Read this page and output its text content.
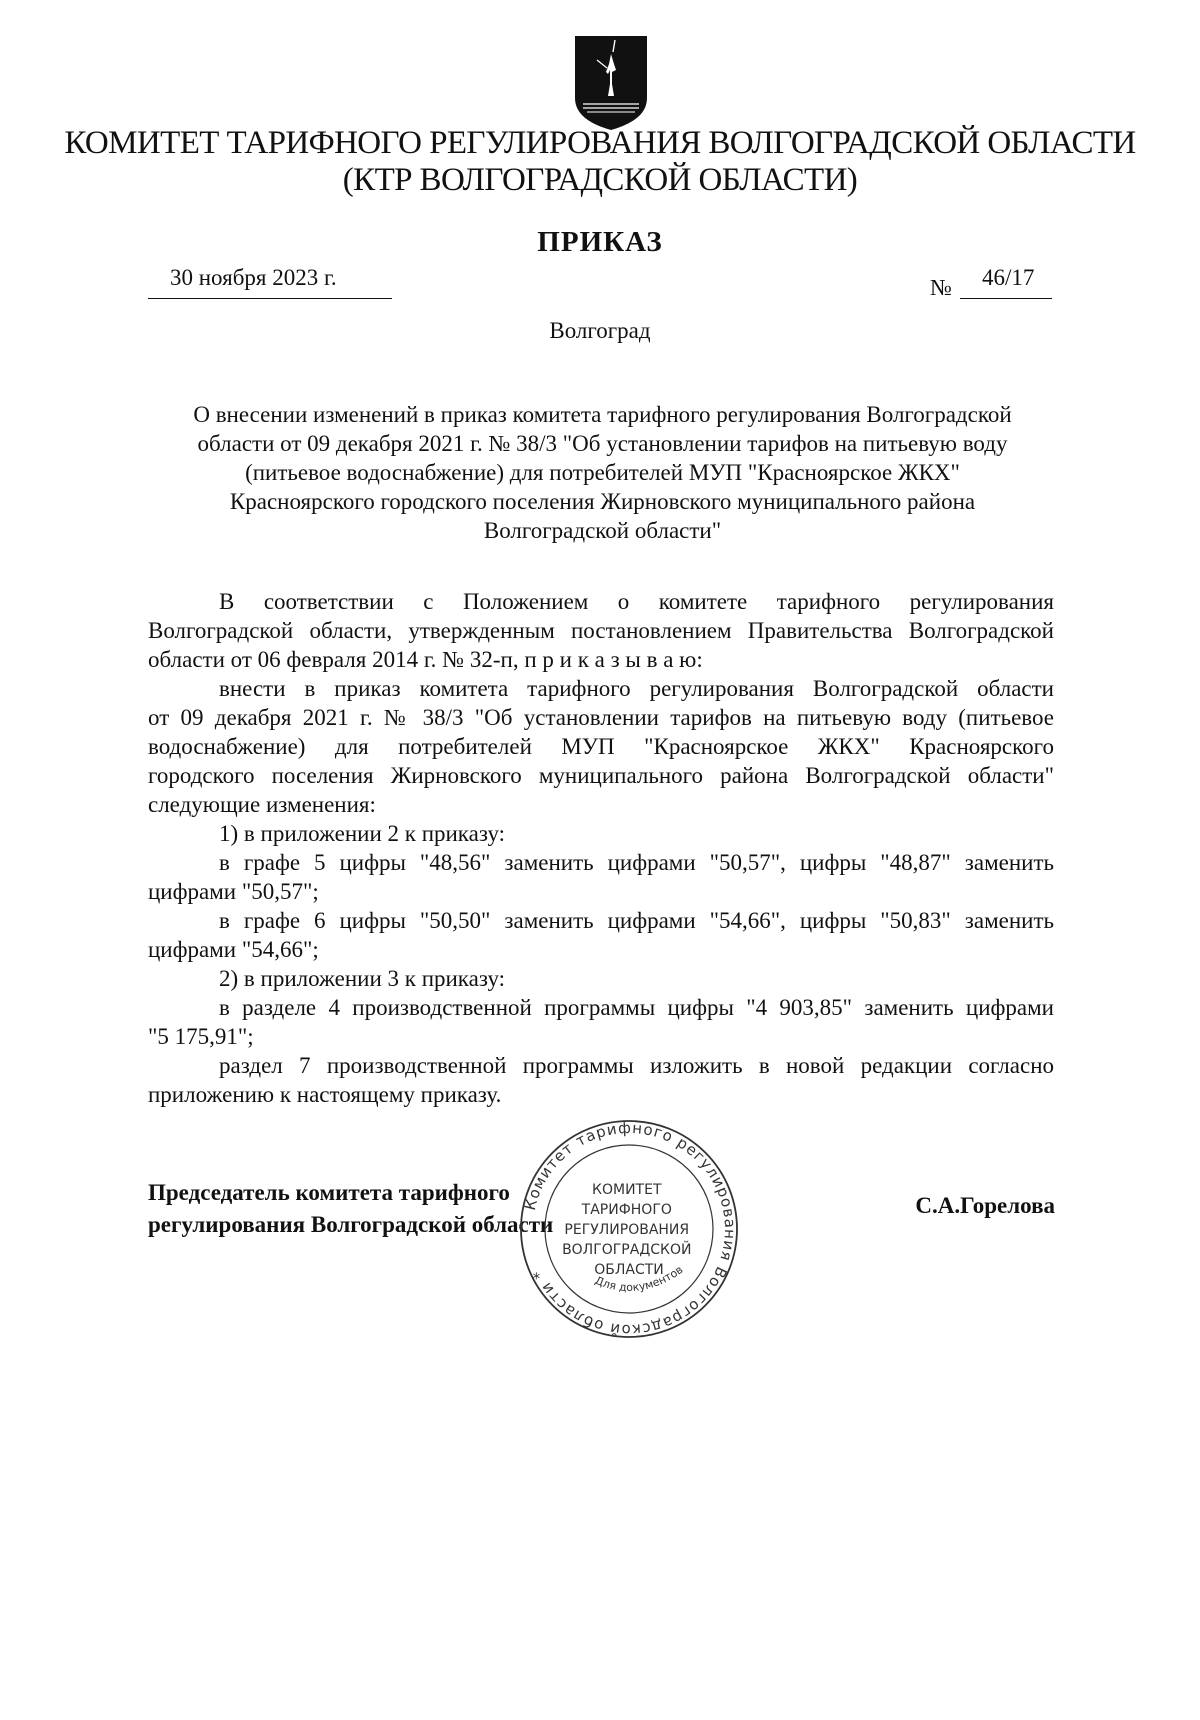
КОМИТЕТ ТАРИФНОГО РЕГУЛИРОВАНИЯ ВОЛГОГРАДСКОЙ ОБЛАСТИ
(КТР ВОЛГОГРАДСКОЙ ОБЛАСТИ)
ПРИКАЗ
30 ноября 2023 г.	№	46/17
Волгоград
О внесении изменений в приказ комитета тарифного регулирования Волгоградской
области от 09 декабря 2021 г. № 38/3 "Об установлении тарифов на питьевую воду
(питьевое водоснабжение) для потребителей МУП "Красноярское ЖКХ"
Красноярского городского поселения Жирновского муниципального района
Волгоградской области"
В соответствии с Положением о комитете тарифного регулирования
Волгоградской области, утвержденным постановлением Правительства Волгоградской
области от 06 февраля 2014 г. № 32-п, п р и к а з ы в а ю:
внести в приказ комитета тарифного регулирования Волгоградской области
от 09 декабря 2021 г. № 38/3 "Об установлении тарифов на питьевую воду (питьевое
водоснабжение) для потребителей МУП "Красноярское ЖКХ" Красноярского
городского поселения Жирновского муниципального района Волгоградской области"
следующие изменения:
1) в приложении 2 к приказу:
в графе 5 цифры "48,56" заменить цифрами "50,57", цифры "48,87" заменить
цифрами "50,57";
в графе 6 цифры "50,50" заменить цифрами "54,66", цифры "50,83" заменить
цифрами "54,66";
2) в приложении 3 к приказу:
в разделе 4 производственной программы цифры "4 903,85" заменить цифрами
"5 175,91";
раздел 7 производственной программы изложить в новой редакции согласно
приложению к настоящему приказу.
Председатель комитета тарифного
регулирования Волгоградской области
С.А.Горелова
Комитет тарифного регулирования Волгоградской области *
КОМИТЕТ ТАРИФНОГО РЕГУЛИРОВАНИЯ ВОЛГОГРАДСКОЙ ОБЛАСТИ
Для документов
